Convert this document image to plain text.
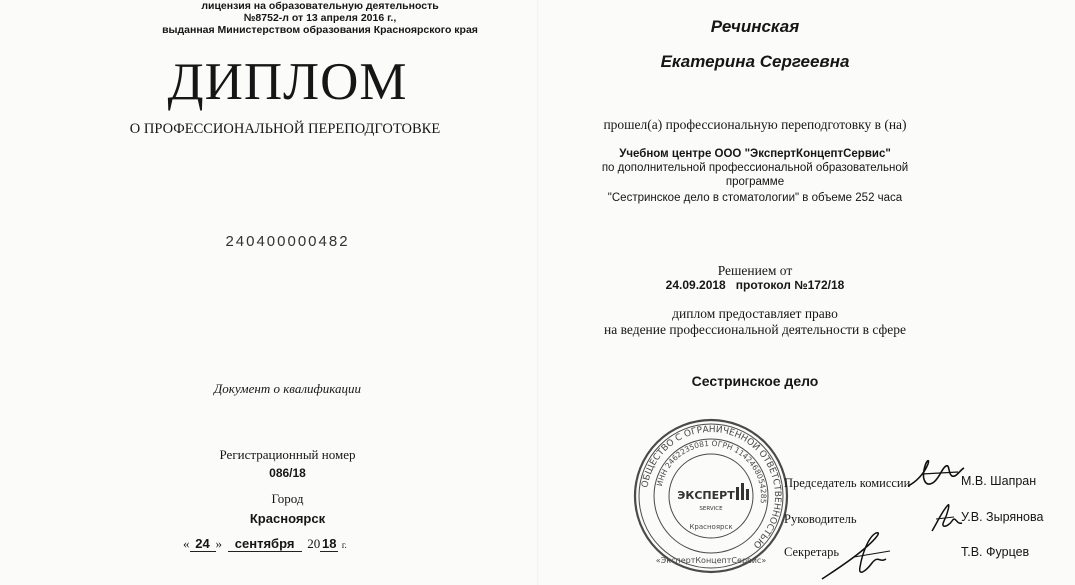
лицензия на образовательную деятельность
№8752-л от 13 апреля 2016 г.,
выданная Министерством образования Красноярского края
ДИПЛОМ
О ПРОФЕССИОНАЛЬНОЙ ПЕРЕПОДГОТОВКЕ
240400000482
Документ о квалификации
Регистрационный номер
086/18
Город
Красноярск
« 24 » сентября 20 18 г.
Речинская
Екатерина Сергеевна
прошел(а) профессиональную переподготовку в (на)
Учебном центре ООО "ЭкспертКонцептСервис"
по дополнительной профессиональной образовательной
программе
"Сестринское дело в стоматологии" в объеме 252 часа
Решением от
24.09.2018 протокол №172/18
диплом предоставляет право
на ведение профессиональной деятельности в сфере
Сестринское дело
ОБЩЕСТВО С ОГРАНИЧЕННОЙ ОТВЕТСТВЕННОСТЬЮ
ИНН 2462235081 ОГРН 1142468054285
«ЭкспертКонцептСервис»
Красноярск
ЭКСПЕРТ
SERVICE
Председатель комиссии	М.В. Шапран
Руководитель	У.В. Зырянова
Секретарь	Т.В. Фурцев
